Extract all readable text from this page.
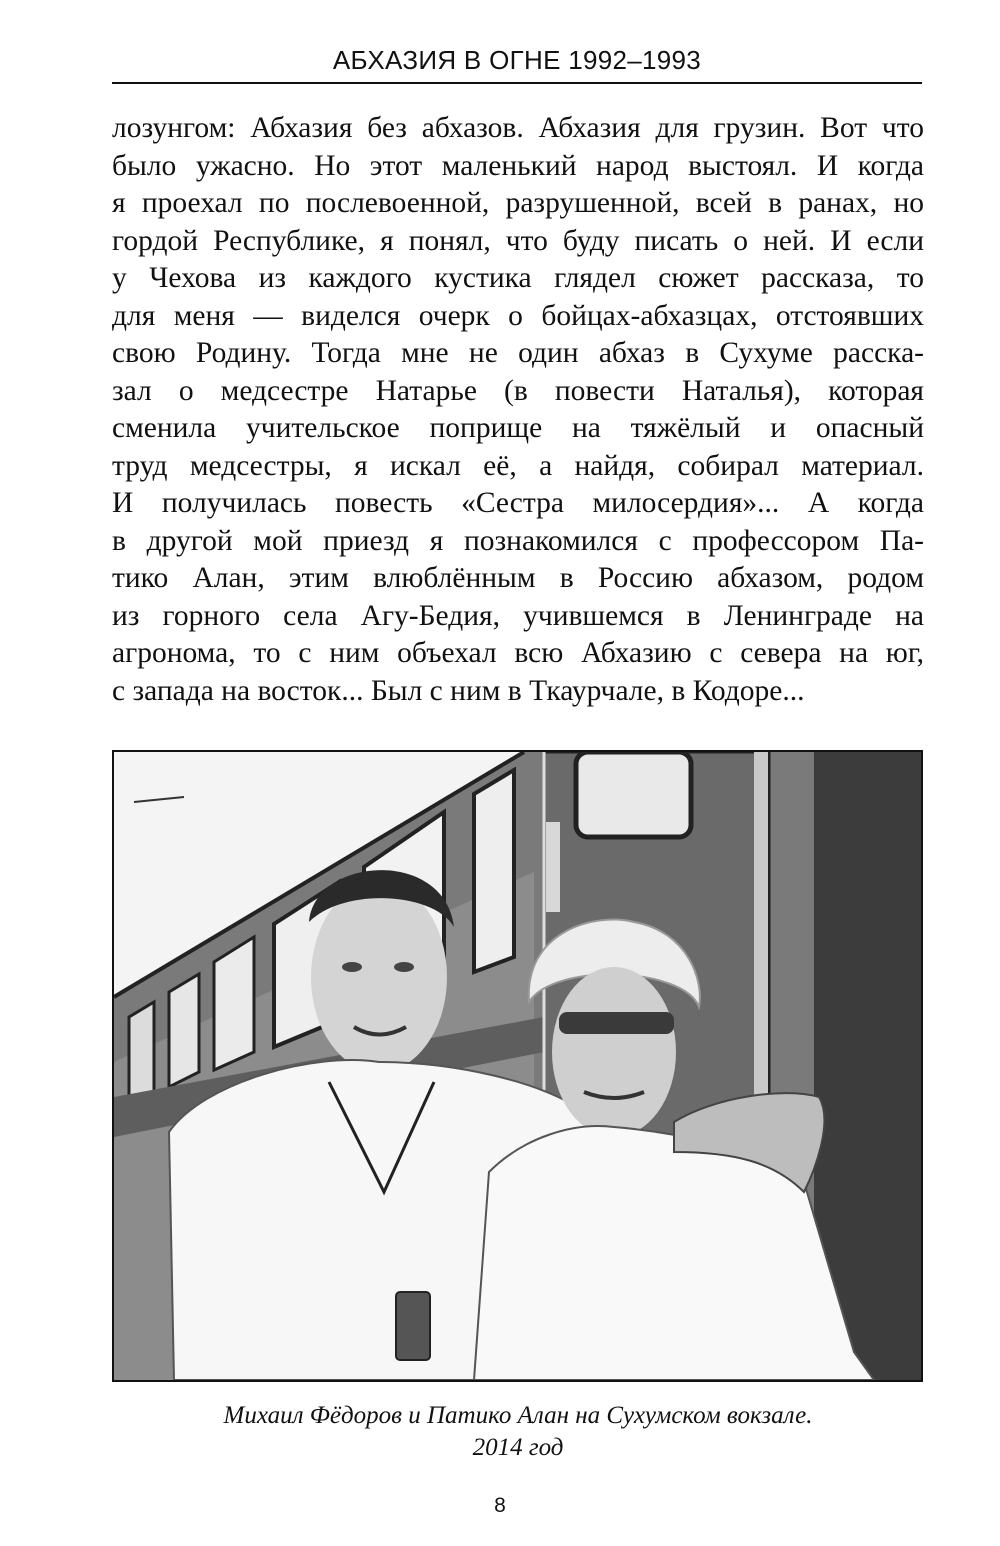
АБХАЗИЯ В ОГНЕ 1992–1993
лозунгом: Абхазия без абхазов. Абхазия для грузин. Вот что
было ужасно. Но этот маленький народ выстоял. И когда
я проехал по послевоенной, разрушенной, всей в ранах, но
гордой Республике, я понял, что буду писать о ней. И если
у Чехова из каждого кустика глядел сюжет рассказа, то
для меня — виделся очерк о бойцах-абхазцах, отстоявших
свою Родину. Тогда мне не один абхаз в Сухуме расска-
зал о медсестре Натарье (в повести Наталья), которая
сменила учительское поприще на тяжёлый и опасный
труд медсестры, я искал её, а найдя, собирал материал.
И получилась повесть «Сестра милосердия»... А когда
в другой мой приезд я познакомился с профессором Па-
тико Алан, этим влюблённым в Россию абхазом, родом
из горного села Агу-Бедия, учившемся в Ленинграде на
агронома, то с ним объехал всю Абхазию с севера на юг,
с запада на восток... Был с ним в Ткаурчале, в Кодоре...
Михаил Фёдоров и Патико Алан на Сухумском вокзале.
2014 год
8
